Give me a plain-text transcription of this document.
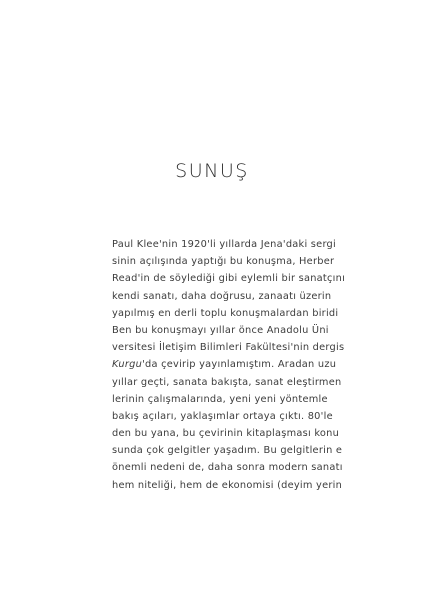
SUNUŞ
Paul Klee'nin 1920'li yıllarda Jena'daki sergi
sinin açılışında yaptığı bu konuşma, Herber
Read'in de söylediği gibi eylemli bir sanatçını
kendi sanatı, daha doğrusu, zanaatı üzerin
yapılmış en derli toplu konuşmalardan biridi
Ben bu konuşmayı yıllar önce Anadolu Üni
versitesi İletişim Bilimleri Fakültesi'nin dergis
Kurgu'da çevirip yayınlamıştım. Aradan uzu
yıllar geçti, sanata bakışta, sanat eleştirmen
lerinin çalışmalarında, yeni yeni yöntemle
bakış açıları, yaklaşımlar ortaya çıktı. 80'le
den bu yana, bu çevirinin kitaplaşması konu
sunda çok gelgitler yaşadım. Bu gelgitlerin e
önemli nedeni de, daha sonra modern sanatı
hem niteliği, hem de ekonomisi (deyim yerin
